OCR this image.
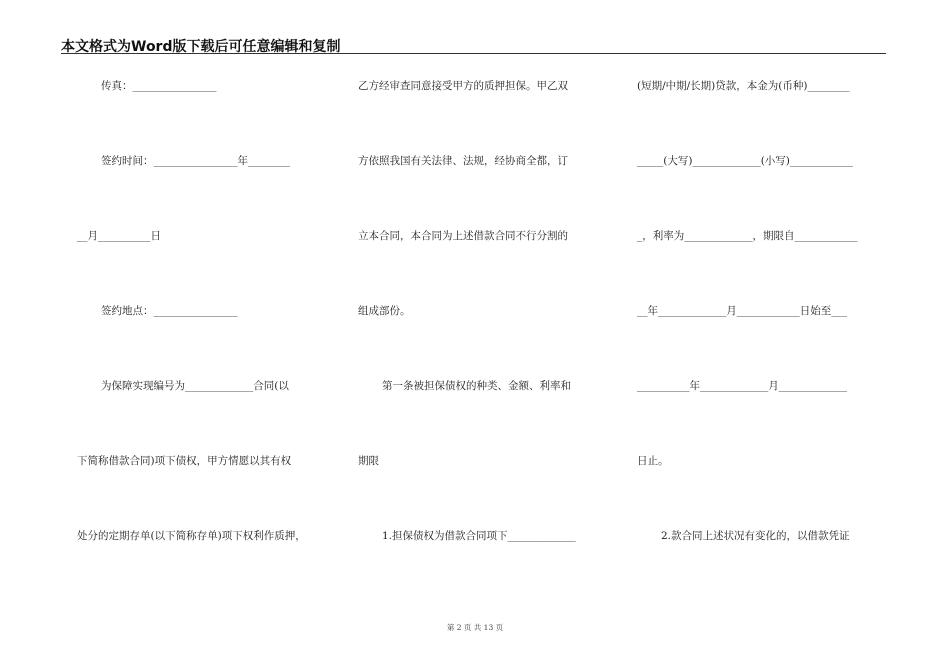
本文格式为Word版下载后可任意编辑和复制
传真：________________
签约时间：________________年________
__月__________日
签约地点：________________
为保障实现编号为_____________合同(以
下简称借款合同)项下债权，甲方情愿以其有权
处分的定期存单(以下简称存单)项下权利作质押，
乙方经审查同意接受甲方的质押担保。甲乙双
方依照我国有关法律、法规，经协商全都，订
立本合同，本合同为上述借款合同不行分割的
组成部份。
第一条被担保债权的种类、金额、利率和
期限
1.担保债权为借款合同项下_____________
(短期/中期/长期)贷款，本金为(币种)________
_____(大写)_____________(小写)____________
_，利率为_____________，期限自____________
__年_____________月____________日始至___
__________年_____________月_____________
日止。
2.款合同上述状况有变化的，以借款凭证
第 2 页 共 13 页
